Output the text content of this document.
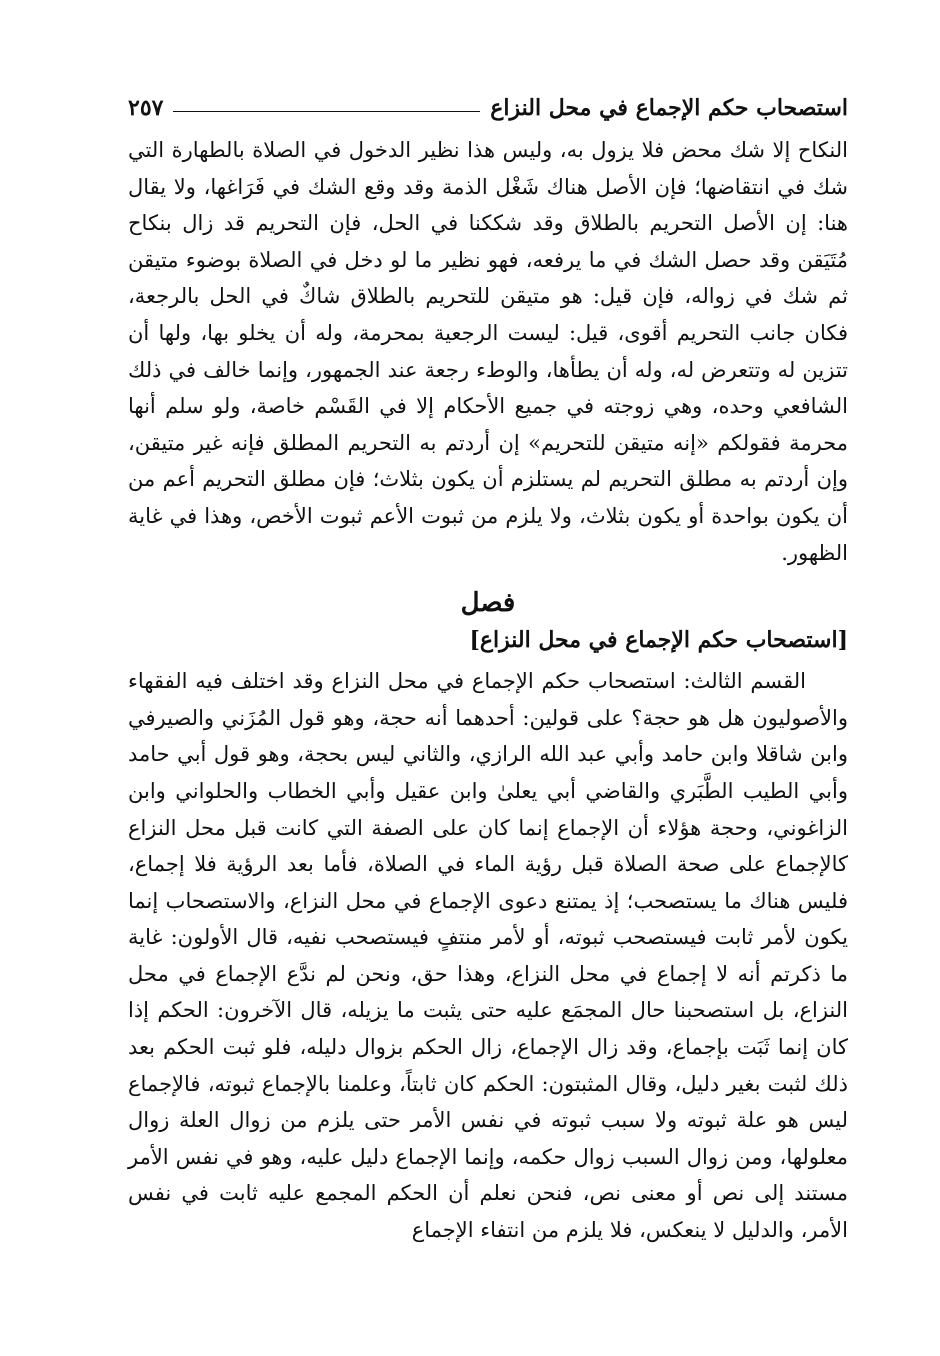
استصحاب حكم الإجماع في محل النزاع
٢٥٧

النكاح إلا شك محض فلا يزول به، وليس هذا نظير الدخول في الصلاة بالطهارة التي شك في انتقاضها؛ فإن الأصل هناك شَغْل الذمة وقد وقع الشك في فَرَاغها، ولا يقال هنا: إن الأصل التحريم بالطلاق وقد شككنا في الحل، فإن التحريم قد زال بنكاح مُتَيَقن وقد حصل الشك في ما يرفعه، فهو نظير ما لو دخل في الصلاة بوضوء متيقن ثم شك في زواله، فإن قيل: هو متيقن للتحريم بالطلاق شاكٌ في الحل بالرجعة، فكان جانب التحريم أقوى، قيل: ليست الرجعية بمحرمة، وله أن يخلو بها، ولها أن تتزين له وتتعرض له، وله أن يطأها، والوطء رجعة عند الجمهور، وإنما خالف في ذلك الشافعي وحده، وهي زوجته في جميع الأحكام إلا في القَسْم خاصة، ولو سلم أنها محرمة فقولكم «إنه متيقن للتحريم» إن أردتم به التحريم المطلق فإنه غير متيقن، وإن أردتم به مطلق التحريم لم يستلزم أن يكون بثلاث؛ فإن مطلق التحريم أعم من أن يكون بواحدة أو يكون بثلاث، ولا يلزم من ثبوت الأعم ثبوت الأخص، وهذا في غاية الظهور.

فصل
[استصحاب حكم الإجماع في محل النزاع]

القسم الثالث: استصحاب حكم الإجماع في محل النزاع وقد اختلف فيه الفقهاء والأصوليون هل هو حجة؟ على قولين: أحدهما أنه حجة، وهو قول المُزَني والصيرفي وابن شاقلا وابن حامد وأبي عبد الله الرازي، والثاني ليس بحجة، وهو قول أبي حامد وأبي الطيب الطَّبَري والقاضي أبي يعلىٰ وابن عقيل وأبي الخطاب والحلواني وابن الزاغوني، وحجة هؤلاء أن الإجماع إنما كان على الصفة التي كانت قبل محل النزاع كالإجماع على صحة الصلاة قبل رؤية الماء في الصلاة، فأما بعد الرؤية فلا إجماع، فليس هناك ما يستصحب؛ إذ يمتنع دعوى الإجماع في محل النزاع، والاستصحاب إنما يكون لأمر ثابت فيستصحب ثبوته، أو لأمر منتفٍ فيستصحب نفيه، قال الأولون: غاية ما ذكرتم أنه لا إجماع في محل النزاع، وهذا حق، ونحن لم ندَّع الإجماع في محل النزاع، بل استصحبنا حال المجمَع عليه حتى يثبت ما يزيله، قال الآخرون: الحكم إذا كان إنما ثَبَت بإجماع، وقد زال الإجماع، زال الحكم بزوال دليله، فلو ثبت الحكم بعد ذلك لثبت بغير دليل، وقال المثبتون: الحكم كان ثابتاً، وعلمنا بالإجماع ثبوته، فالإجماع ليس هو علة ثبوته ولا سبب ثبوته في نفس الأمر حتى يلزم من زوال العلة زوال معلولها، ومن زوال السبب زوال حكمه، وإنما الإجماع دليل عليه، وهو في نفس الأمر مستند إلى نص أو معنى نص، فنحن نعلم أن الحكم المجمع عليه ثابت في نفس الأمر، والدليل لا ينعكس، فلا يلزم من انتفاء الإجماع
